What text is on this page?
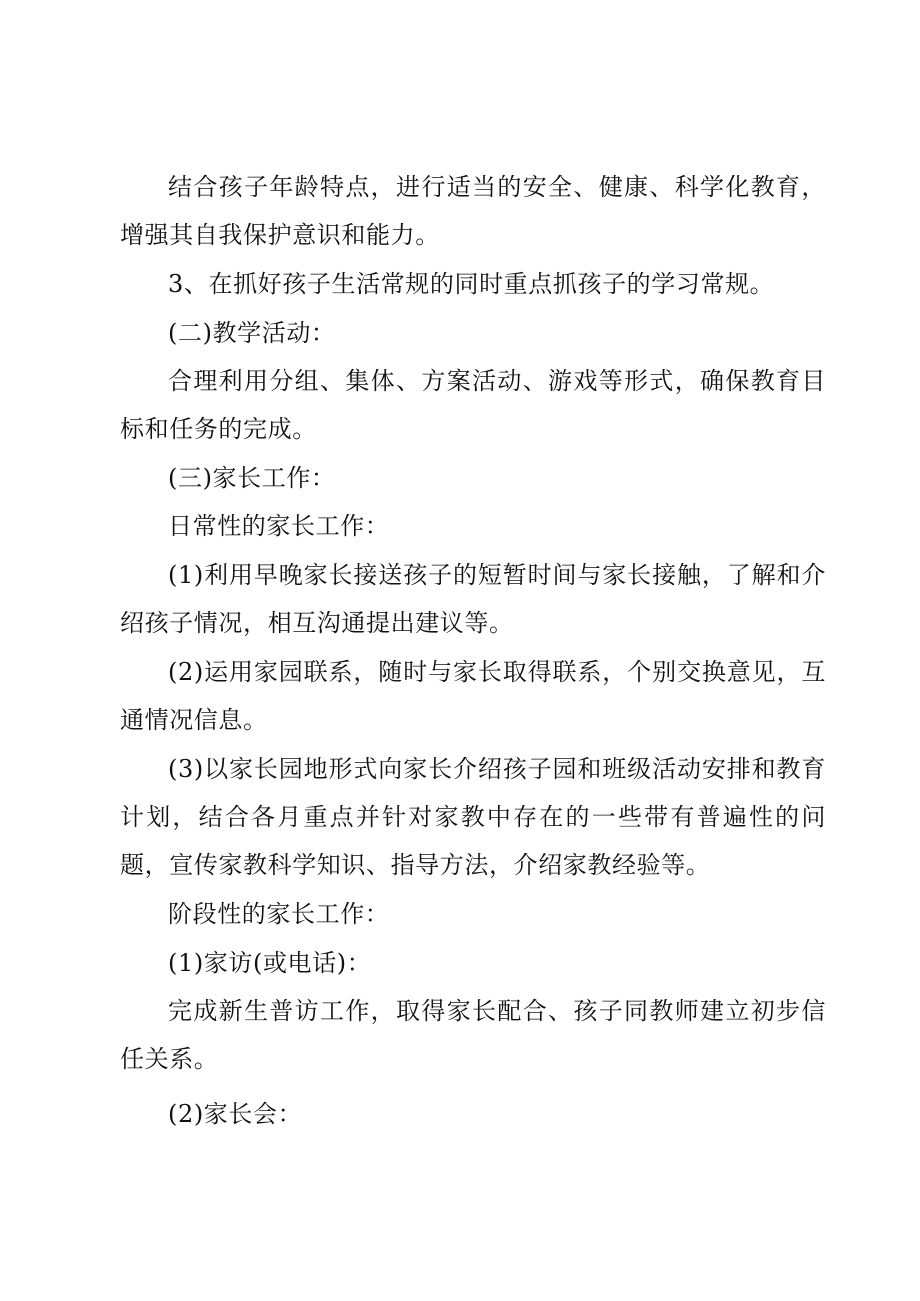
结合孩子年龄特点，进行适当的安全、健康、科学化教育，增强其自我保护意识和能力。

3、在抓好孩子生活常规的同时重点抓孩子的学习常规。

(二)教学活动：

合理利用分组、集体、方案活动、游戏等形式，确保教育目标和任务的完成。

(三)家长工作：

日常性的家长工作：

(1)利用早晚家长接送孩子的短暂时间与家长接触，了解和介绍孩子情况，相互沟通提出建议等。

(2)运用家园联系，随时与家长取得联系，个别交换意见，互通情况信息。

(3)以家长园地形式向家长介绍孩子园和班级活动安排和教育计划，结合各月重点并针对家教中存在的一些带有普遍性的问题，宣传家教科学知识、指导方法，介绍家教经验等。

阶段性的家长工作：

(1)家访(或电话)：

完成新生普访工作，取得家长配合、孩子同教师建立初步信任关系。

(2)家长会：
